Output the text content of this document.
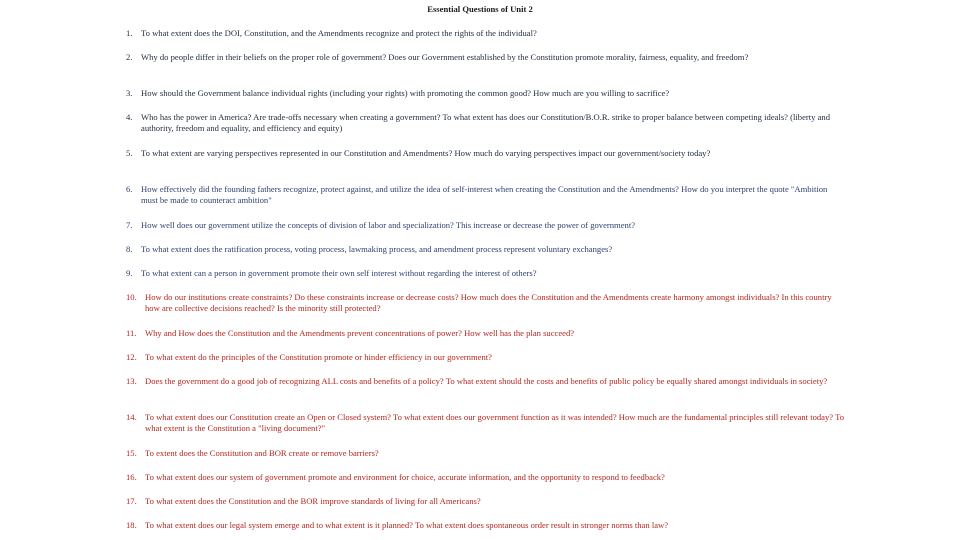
Essential Questions of Unit 2
1. To what extent does the DOI, Constitution, and the Amendments recognize and protect the rights of the individual?
2. Why do people differ in their beliefs on the proper role of government? Does our Government established by the Constitution promote morality, fairness, equality, and freedom?
3. How should the Government balance individual rights (including your rights) with promoting the common good? How much are you willing to sacrifice?
4. Who has the power in America? Are trade-offs necessary when creating a government? To what extent has does our Constitution/B.O.R. strike to proper balance between competing ideals? (liberty and authority, freedom and equality, and efficiency and equity)
5. To what extent are varying perspectives represented in our Constitution and Amendments? How much do varying perspectives impact our government/society today?
6. How effectively did the founding fathers recognize, protect against, and utilize the idea of self-interest when creating the Constitution and the Amendments? How do you interpret the quote "Ambition must be made to counteract ambition"
7. How well does our government utilize the concepts of division of labor and specialization? This increase or decrease the power of government?
8. To what extent does the ratification process, voting process, lawmaking process, and amendment process represent voluntary exchanges?
9. To what extent can a person in government promote their own self interest without regarding the interest of others?
10. How do our institutions create constraints? Do these constraints increase or decrease costs? How much does the Constitution and the Amendments create harmony amongst individuals? In this country how are collective decisions reached? Is the minority still protected?
11. Why and How does the Constitution and the Amendments prevent concentrations of power? How well has the plan succeed?
12. To what extent do the principles of the Constitution promote or hinder efficiency in our government?
13. Does the government do a good job of recognizing ALL costs and benefits of a policy? To what extent should the costs and benefits of public policy be equally shared amongst individuals in society?
14. To what extent does our Constitution create an Open or Closed system? To what extent does our government function as it was intended? How much are the fundamental principles still relevant today? To what extent is the Constitution a "living document?"
15. To extent does the Constitution and BOR create or remove barriers?
16. To what extent does our system of government promote and environment for choice, accurate information, and the opportunity to respond to feedback?
17. To what extent does the Constitution and the BOR improve standards of living for all Americans?
18. To what extent does our legal system emerge and to what extent is it planned? To what extent does spontaneous order result in stronger norms than law?
